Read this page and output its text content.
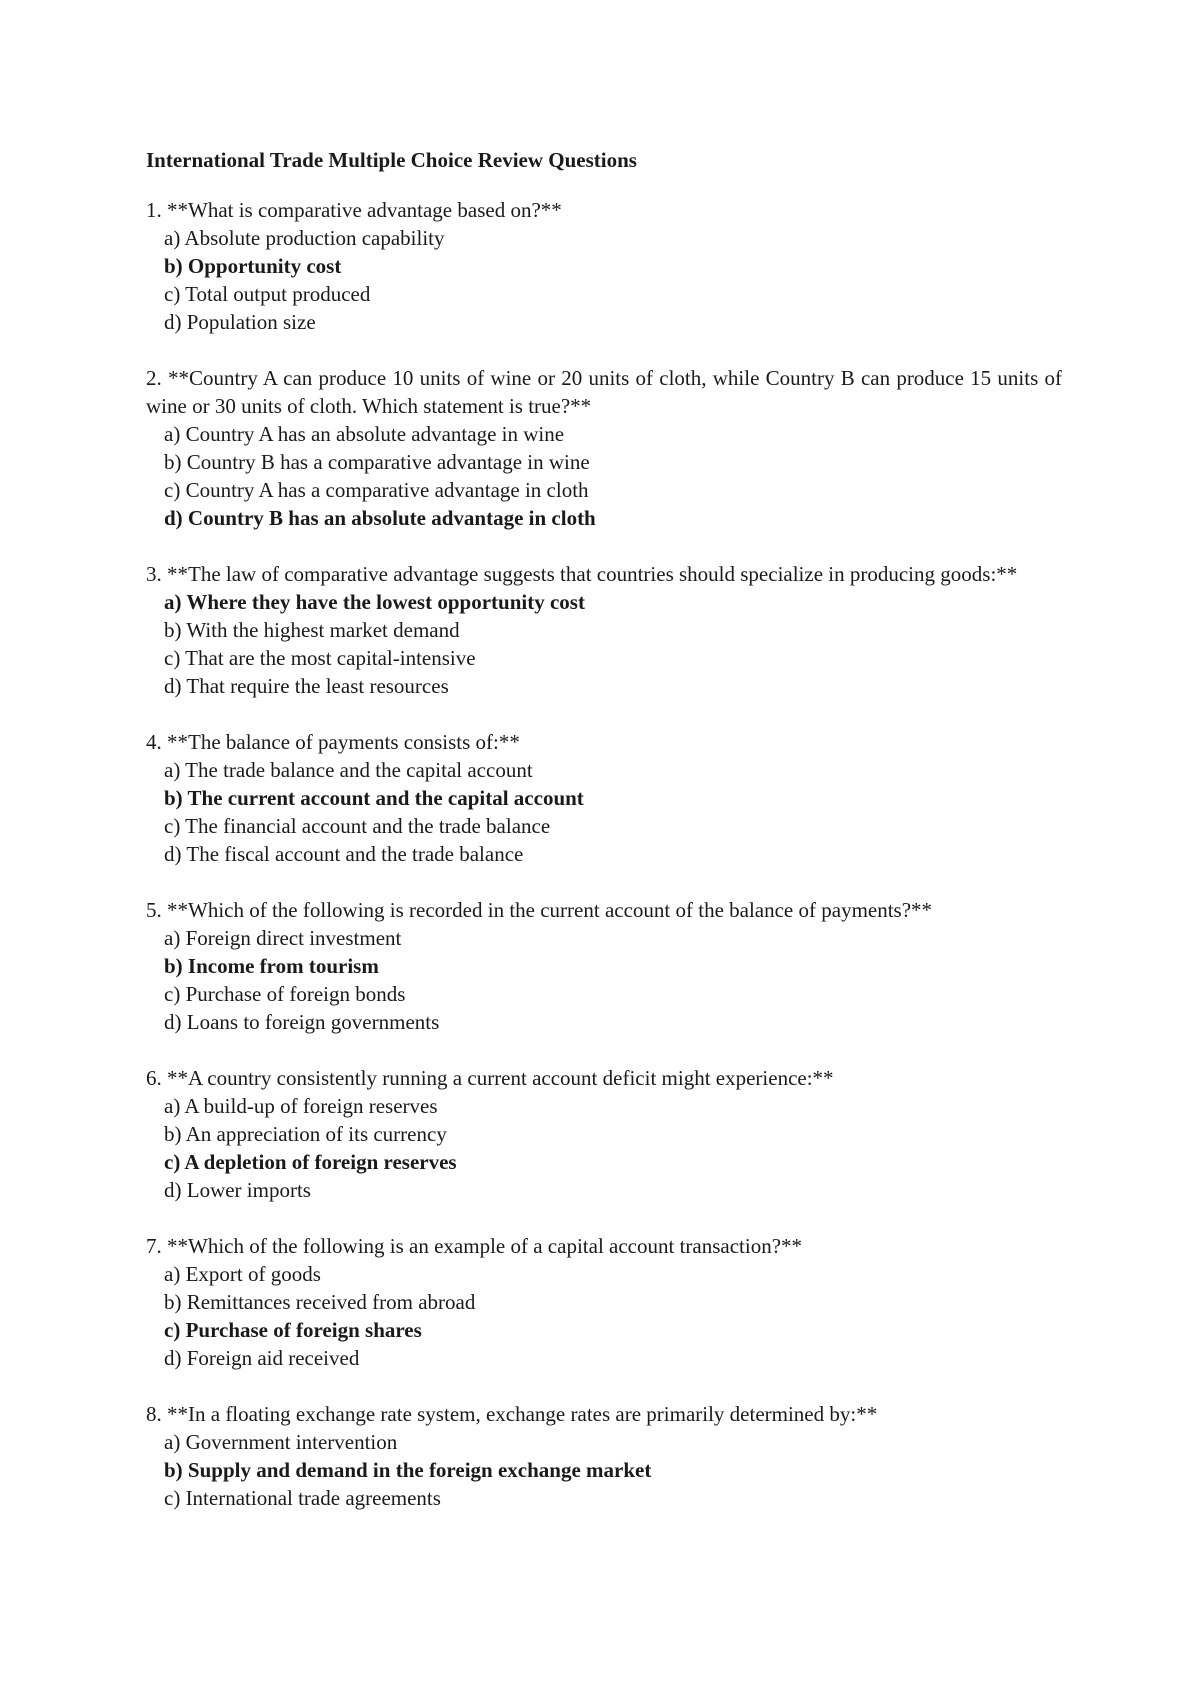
International Trade Multiple Choice Review Questions
1. **What is comparative advantage based on?**
a) Absolute production capability
b) Opportunity cost
c) Total output produced
d) Population size
2. **Country A can produce 10 units of wine or 20 units of cloth, while Country B can produce 15 units of wine or 30 units of cloth. Which statement is true?**
a) Country A has an absolute advantage in wine
b) Country B has a comparative advantage in wine
c) Country A has a comparative advantage in cloth
d) Country B has an absolute advantage in cloth
3. **The law of comparative advantage suggests that countries should specialize in producing goods:**
a) Where they have the lowest opportunity cost
b) With the highest market demand
c) That are the most capital-intensive
d) That require the least resources
4. **The balance of payments consists of:**
a) The trade balance and the capital account
b) The current account and the capital account
c) The financial account and the trade balance
d) The fiscal account and the trade balance
5. **Which of the following is recorded in the current account of the balance of payments?**
a) Foreign direct investment
b) Income from tourism
c) Purchase of foreign bonds
d) Loans to foreign governments
6. **A country consistently running a current account deficit might experience:**
a) A build-up of foreign reserves
b) An appreciation of its currency
c) A depletion of foreign reserves
d) Lower imports
7. **Which of the following is an example of a capital account transaction?**
a) Export of goods
b) Remittances received from abroad
c) Purchase of foreign shares
d) Foreign aid received
8. **In a floating exchange rate system, exchange rates are primarily determined by:**
a) Government intervention
b) Supply and demand in the foreign exchange market
c) International trade agreements
